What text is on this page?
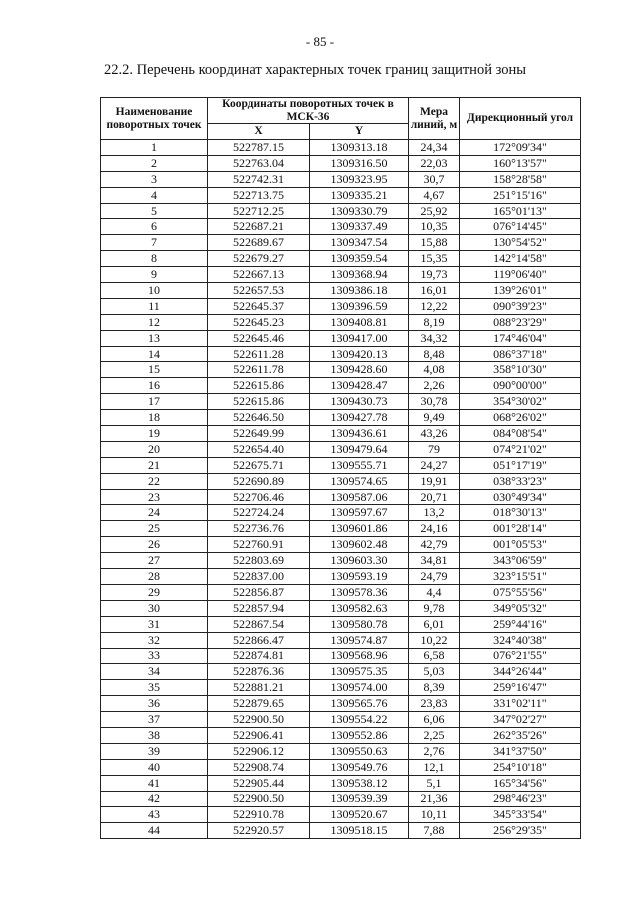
- 85 -
22.2. Перечень координат характерных точек границ защитной зоны
Наименование поворотных точек	Координаты поворотных точек в МСК-36		Мера линий, м	Дирекционный угол
	X	Y		
1	522787.15	1309313.18	24,34	172°09'34"
2	522763.04	1309316.50	22,03	160°13'57"
3	522742.31	1309323.95	30,7	158°28'58"
4	522713.75	1309335.21	4,67	251°15'16"
5	522712.25	1309330.79	25,92	165°01'13"
6	522687.21	1309337.49	10,35	076°14'45"
7	522689.67	1309347.54	15,88	130°54'52"
8	522679.27	1309359.54	15,35	142°14'58"
9	522667.13	1309368.94	19,73	119°06'40"
10	522657.53	1309386.18	16,01	139°26'01"
11	522645.37	1309396.59	12,22	090°39'23"
12	522645.23	1309408.81	8,19	088°23'29"
13	522645.46	1309417.00	34,32	174°46'04"
14	522611.28	1309420.13	8,48	086°37'18"
15	522611.78	1309428.60	4,08	358°10'30"
16	522615.86	1309428.47	2,26	090°00'00"
17	522615.86	1309430.73	30,78	354°30'02"
18	522646.50	1309427.78	9,49	068°26'02"
19	522649.99	1309436.61	43,26	084°08'54"
20	522654.40	1309479.64	79	074°21'02"
21	522675.71	1309555.71	24,27	051°17'19"
22	522690.89	1309574.65	19,91	038°33'23"
23	522706.46	1309587.06	20,71	030°49'34"
24	522724.24	1309597.67	13,2	018°30'13"
25	522736.76	1309601.86	24,16	001°28'14"
26	522760.91	1309602.48	42,79	001°05'53"
27	522803.69	1309603.30	34,81	343°06'59"
28	522837.00	1309593.19	24,79	323°15'51"
29	522856.87	1309578.36	4,4	075°55'56"
30	522857.94	1309582.63	9,78	349°05'32"
31	522867.54	1309580.78	6,01	259°44'16"
32	522866.47	1309574.87	10,22	324°40'38"
33	522874.81	1309568.96	6,58	076°21'55"
34	522876.36	1309575.35	5,03	344°26'44"
35	522881.21	1309574.00	8,39	259°16'47"
36	522879.65	1309565.76	23,83	331°02'11"
37	522900.50	1309554.22	6,06	347°02'27"
38	522906.41	1309552.86	2,25	262°35'26"
39	522906.12	1309550.63	2,76	341°37'50"
40	522908.74	1309549.76	12,1	254°10'18"
41	522905.44	1309538.12	5,1	165°34'56"
42	522900.50	1309539.39	21,36	298°46'23"
43	522910.78	1309520.67	10,11	345°33'54"
44	522920.57	1309518.15	7,88	256°29'35"
